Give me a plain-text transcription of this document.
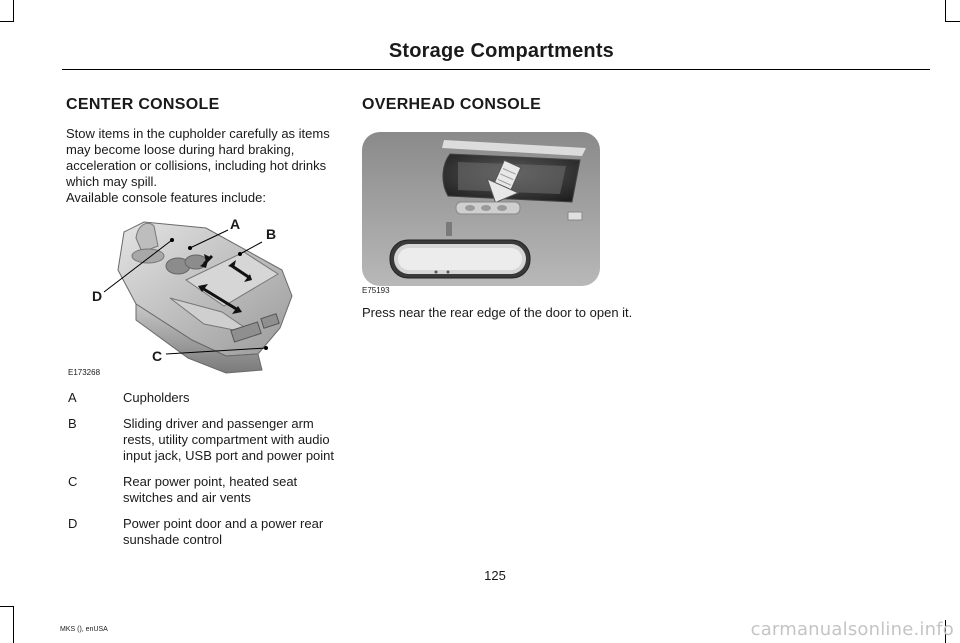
Storage Compartments
CENTER CONSOLE
Stow items in the cupholder carefully as items may become loose during hard braking, acceleration or collisions, including hot drinks which may spill.
Available console features include:
A
B
C
D
E173268
A	Cupholders
B	Sliding driver and passenger arm rests, utility compartment with audio input jack, USB port and power point
C	Rear power point, heated seat switches and air vents
D	Power point door and a power rear sunshade control
OVERHEAD CONSOLE
E75193
Press near the rear edge of the door to open it.
125
MKS (), enUSA	carmanualsonline.info
